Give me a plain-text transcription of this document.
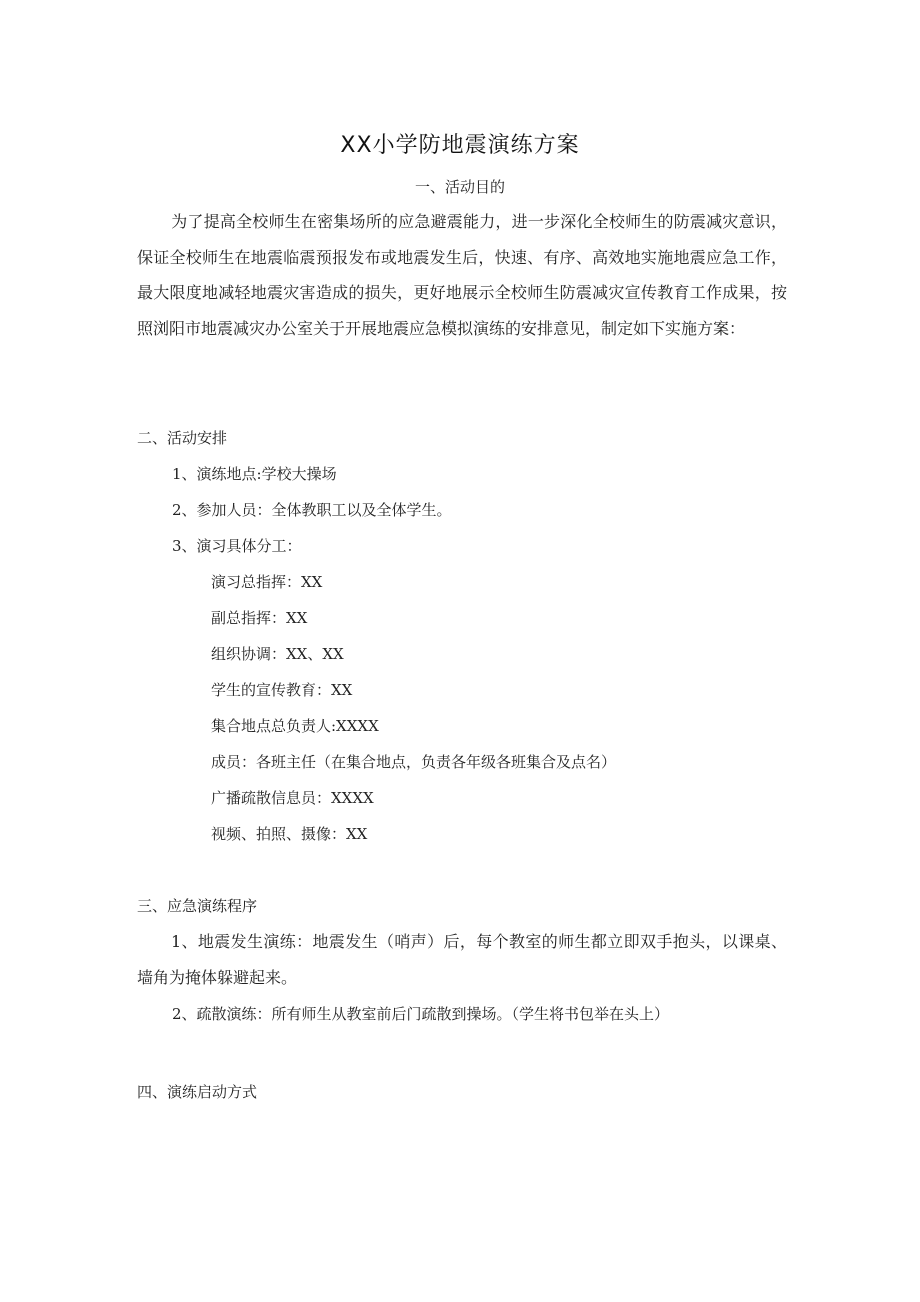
XX小学防地震演练方案
一、活动目的
为了提高全校师生在密集场所的应急避震能力，进一步深化全校师生的防震减灾意识，保证全校师生在地震临震预报发布或地震发生后，快速、有序、高效地实施地震应急工作，最大限度地减轻地震灾害造成的损失，更好地展示全校师生防震减灾宣传教育工作成果，按照浏阳市地震减灾办公室关于开展地震应急模拟演练的安排意见，制定如下实施方案：
二、活动安排
1、演练地点:学校大操场
2、参加人员：全体教职工以及全体学生。
3、演习具体分工：
演习总指挥：XX
副总指挥：XX
组织协调：XX、XX
学生的宣传教育：XX
集合地点总负责人:XXXX
成员：各班主任（在集合地点，负责各年级各班集合及点名）
广播疏散信息员：XXXX
视频、拍照、摄像：XX
三、应急演练程序
1、地震发生演练：地震发生（哨声）后，每个教室的师生都立即双手抱头，以课桌、墙角为掩体躲避起来。
2、疏散演练：所有师生从教室前后门疏散到操场。（学生将书包举在头上）
四、演练启动方式
